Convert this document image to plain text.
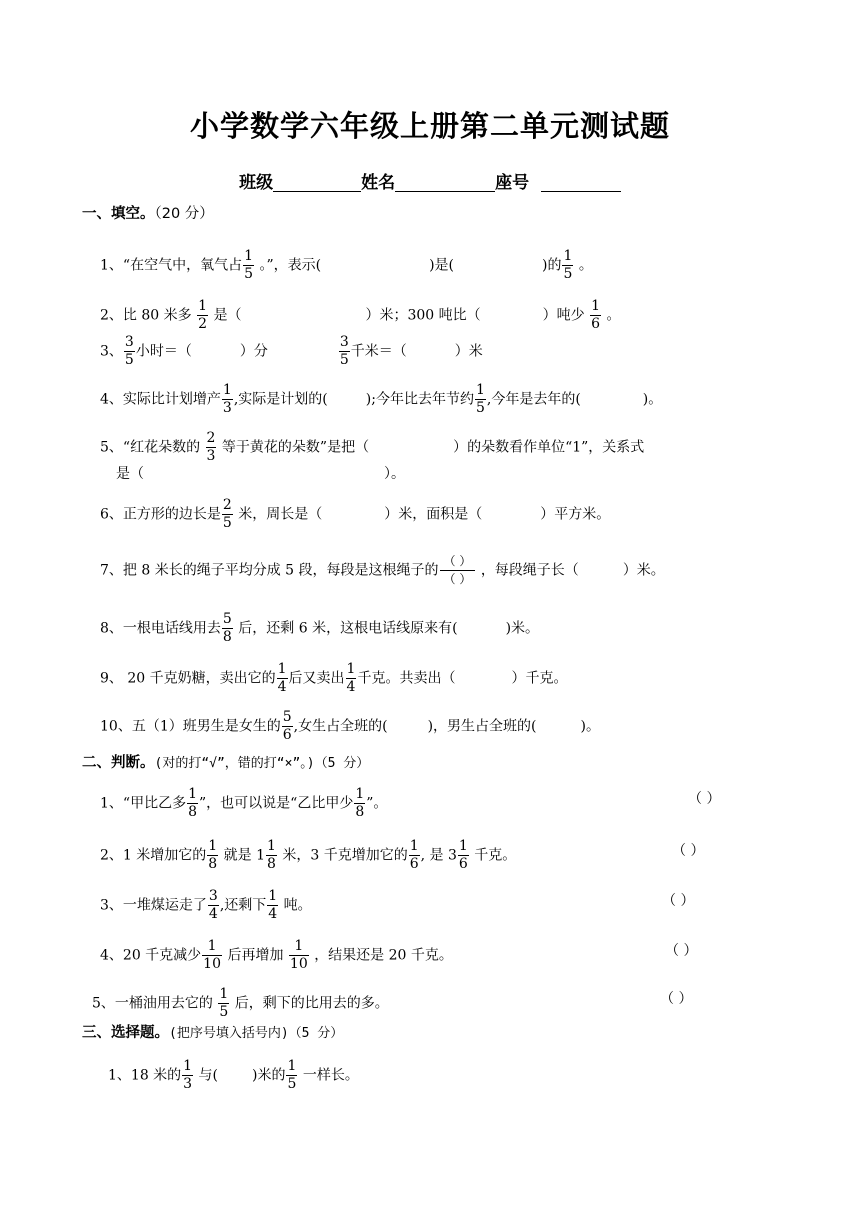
小学数学六年级上册第二单元测试题
班级	姓名	座号
一、填空。（20 分）
1、“在空气中，氧气占 $\frac{1}{5}$ 。”，表示(	)是(	)的 $\frac{1}{5}$ 。
2、比 80 米多 $\frac{1}{2}$ 是（	）米；300 吨比（	）吨少 $\frac{1}{6}$ 。
3、 $\frac{3}{5}$ 小时＝（	）分	$\frac{3}{5}$ 千米＝（	）米
4、实际比计划增产 $\frac{1}{3}$ ,实际是计划的(	);今年比去年节约 $\frac{1}{5}$ ,今年是去年的(	)。
5、“红花朵数的 $\frac{2}{3}$ 等于黄花的朵数”是把（	）的朵数看作单位“1”，关系式
是（	）。
6、正方形的边长是 $\frac{2}{5}$ 米，周长是（	）米，面积是（	）平方米。
7、把 8 米长的绳子平均分成 5 段，每段是这根绳子的 $\frac{( )}{( )}$ ，每段绳子长（	）米。
8、一根电话线用去 $\frac{5}{8}$ 后，还剩 6 米，这根电话线原来有(	)米。
9、 20 千克奶糖，卖出它的 $\frac{1}{4}$ 后又卖出 $\frac{1}{4}$ 千克。共卖出（	）千克。
10、五（1）班男生是女生的 $\frac{5}{6}$ ,女生占全班的(	)，男生占全班的(	)。
二、判断。(对的打“√”，错的打“×”。)（5 分）
1、“甲比乙多 $\frac{1}{8}$ ”，也可以说是“乙比甲少 $\frac{1}{8}$ ”。	（ ）
2、1 米增加它的 $\frac{1}{8}$ 就是 $1 \frac{1}{8}$ 米，3 千克增加它的 $\frac{1}{6}$ , 是 $3 \frac{1}{6}$ 千克。	（ ）
3、一堆煤运走了 $\frac{3}{4}$ ,还剩下 $\frac{1}{4}$ 吨。	（ ）
4、20 千克减少 $\frac{1}{10}$ 后再增加 $\frac{1}{10}$ ，结果还是 20 千克。	（ ）
5、一桶油用去它的 $\frac{1}{5}$ 后，剩下的比用去的多。	（ ）
三、选择题。(把序号填入括号内)（5 分）
1、18 米的 $\frac{1}{3}$ 与( )米的 $\frac{1}{5}$ 一样长。
